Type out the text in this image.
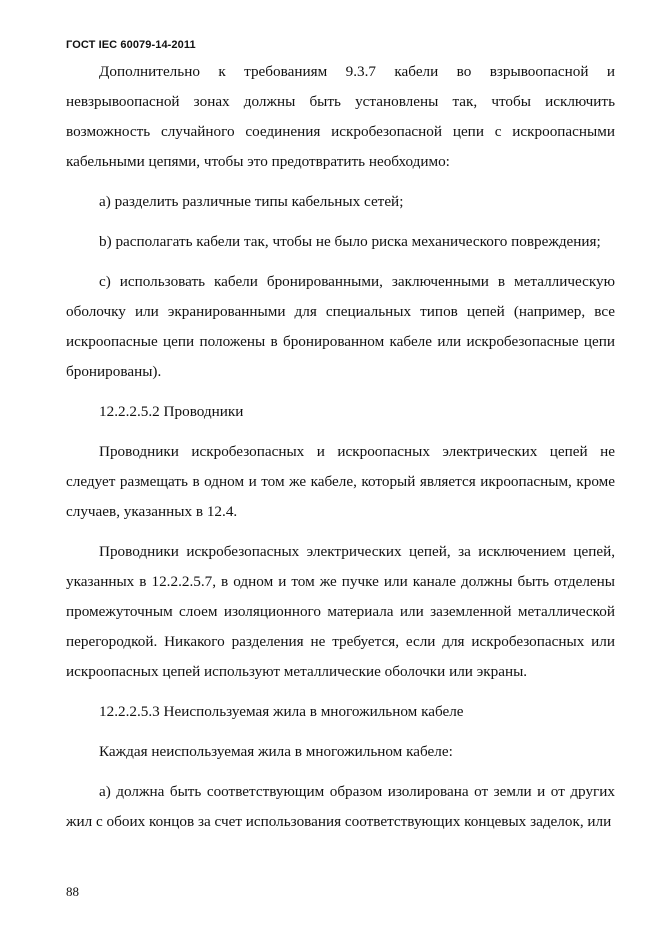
ГОСТ IEC 60079-14-2011

Дополнительно к требованиям 9.3.7 кабели во взрывоопасной и невзрывоопасной зонах должны быть установлены так, чтобы исключить возможность случайного соединения искробезопасной цепи с искроопасными кабельными цепями, чтобы это предотвратить необходимо:

а) разделить различные типы кабельных сетей;

b) располагать кабели так, чтобы не было риска механического повреждения;

с) использовать кабели бронированными, заключенными в металлическую оболочку или экранированными для специальных типов цепей (например, все искроопасные цепи положены в бронированном кабеле или искробезопасные цепи бронированы).

12.2.2.5.2 Проводники

Проводники искробезопасных и искроопасных электрических цепей не следует размещать в одном и том же кабеле, который является икроопасным, кроме случаев, указанных в 12.4.

Проводники искробезопасных электрических цепей, за исключением цепей, указанных в 12.2.2.5.7, в одном и том же пучке или канале должны быть отделены промежуточным слоем изоляционного материала или заземленной металлической перегородкой. Никакого разделения не требуется, если для искробезопасных или искроопасных цепей используют металлические оболочки или экраны.

12.2.2.5.3 Неиспользуемая жила в многожильном кабеле

Каждая неиспользуемая жила в многожильном кабеле:

а) должна быть соответствующим образом изолирована от земли и от других жил с обоих концов за счет использования соответствующих концевых заделок, или

88
